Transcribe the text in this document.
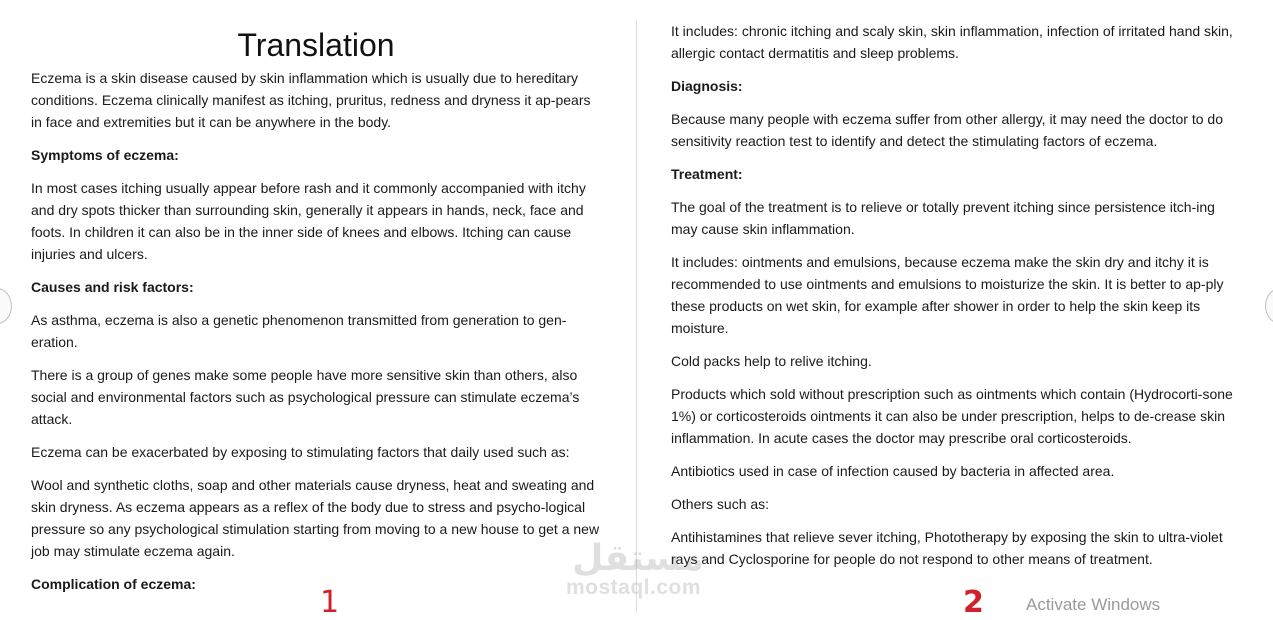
Translation

Eczema is a skin disease caused by skin inflammation which is usually due to hereditary conditions. Eczema clinically manifest as itching, pruritus, redness and dryness it ap-pears in face and extremities but it can be anywhere in the body.

Symptoms of eczema:

In most cases itching usually appear before rash and it commonly accompanied with itchy and dry spots thicker than surrounding skin, generally it appears in hands, neck, face and foots. In children it can also be in the inner side of knees and elbows. Itching can cause injuries and ulcers.

Causes and risk factors:

As asthma, eczema is also a genetic phenomenon transmitted from generation to gen-eration.

There is a group of genes make some people have more sensitive skin than others, also social and environmental factors such as psychological pressure can stimulate eczema’s attack.

Eczema can be exacerbated by exposing to stimulating factors that daily used such as:

Wool and synthetic cloths, soap and other materials cause dryness, heat and sweating and skin dryness. As eczema appears as a reflex of the body due to stress and psycho-logical pressure so any psychological stimulation starting from moving to a new house to get a new job may stimulate eczema again.

Complication of eczema:

It includes: chronic itching and scaly skin, skin inflammation, infection of irritated hand skin, allergic contact dermatitis and sleep problems.

Diagnosis:

Because many people with eczema suffer from other allergy, it may need the doctor to do sensitivity reaction test to identify and detect the stimulating factors of eczema.

Treatment:

The goal of the treatment is to relieve or totally prevent itching since persistence itch-ing may cause skin inflammation.

It includes: ointments and emulsions, because eczema make the skin dry and itchy it is recommended to use ointments and emulsions to moisturize the skin. It is better to ap-ply these products on wet skin, for example after shower in order to help the skin keep its moisture.

Cold packs help to relive itching.

Products which sold without prescription such as ointments which contain (Hydrocorti-sone 1%) or corticosteroids ointments it can also be under prescription, helps to de-crease skin inflammation. In acute cases the doctor may prescribe oral corticosteroids.

Antibiotics used in case of infection caused by bacteria in affected area.

Others such as:

Antihistamines that relieve sever itching, Phototherapy by exposing the skin to ultra-violet rays and Cyclosporine for people do not respond to other means of treatment.

1	2
مستقل
mostaql.com
Activate Windows
